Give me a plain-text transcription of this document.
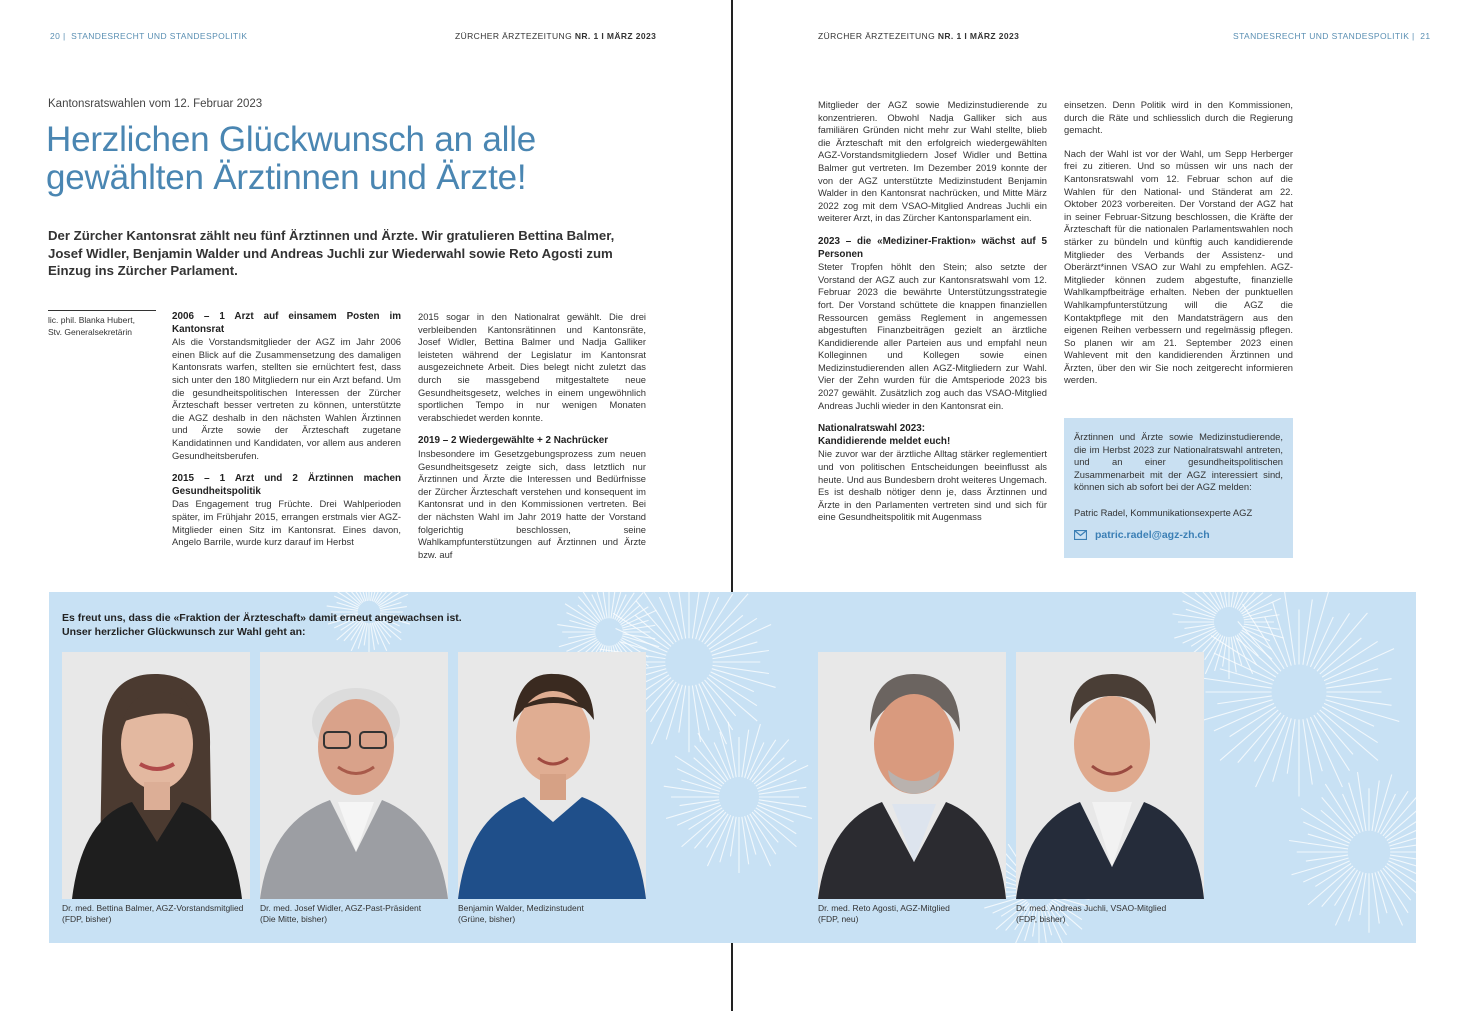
20 |  STANDESRECHT UND STANDESPOLITIK	ZÜRCHER ÄRZTEZEITUNG NR. 1 I MÄRZ 2023	ZÜRCHER ÄRZTEZEITUNG NR. 1 I MÄRZ 2023	STANDESRECHT UND STANDESPOLITIK |  21
Kantonsratswahlen vom 12. Februar 2023
Herzlichen Glückwunsch an alle
gewählten Ärztinnen und Ärzte!

Der Zürcher Kantonsrat zählt neu fünf Ärztinnen und Ärzte. Wir gratulieren Bettina Balmer, Josef Widler, Benjamin Walder und Andreas Juchli zur Wiederwahl sowie Reto Agosti zum Einzug ins Zürcher Parlament.

lic. phil. Blanka Hubert,
Stv. Generalsekretärin
2006 – 1 Arzt auf einsamem Posten im Kantonsrat

Als die Vorstandsmitglieder der AGZ im Jahr 2006 einen Blick auf die Zusammensetzung des damaligen Kantonsrats warfen, stellten sie ernüchtert fest, dass sich unter den 180 Mitgliedern nur ein Arzt befand. Um die gesundheitspolitischen Interessen der Zürcher Ärzteschaft besser vertreten zu können, unterstützte die AGZ deshalb in den nächsten Wahlen Ärztinnen und Ärzte sowie der Ärzteschaft zugetane Kandidatinnen und Kandidaten, vor allem aus anderen Gesundheitsberufen.

2015 – 1 Arzt und 2 Ärztinnen machen Gesundheitspolitik

Das Engagement trug Früchte. Drei Wahlperioden später, im Frühjahr 2015, errangen erstmals vier AGZ-Mitglieder einen Sitz im Kantonsrat. Eines davon, Angelo Barrile, wurde kurz darauf im Herbst

2015 sogar in den Nationalrat gewählt. Die drei verbleibenden Kantonsrätinnen und Kantonsräte, Josef Widler, Bettina Balmer und Nadja Galliker leisteten während der Legislatur im Kantonsrat ausgezeichnete Arbeit. Dies belegt nicht zuletzt das durch sie massgebend mitgestaltete neue Gesundheitsgesetz, welches in einem ungewöhnlich sportlichen Tempo in nur wenigen Monaten verabschiedet werden konnte.

2019 – 2 Wiedergewählte + 2 Nachrücker

Insbesondere im Gesetzgebungsprozess zum neuen Gesundheitsgesetz zeigte sich, dass letztlich nur Ärztinnen und Ärzte die Interessen und Bedürfnisse der Zürcher Ärzteschaft verstehen und konsequent im Kantonsrat und in den Kommissionen vertreten. Bei der nächsten Wahl im Jahr 2019 hatte der Vorstand folgerichtig beschlossen, seine Wahlkampfunterstützungen auf Ärztinnen und Ärzte bzw. auf

Mitglieder der AGZ sowie Medizinstudierende zu konzentrieren. Obwohl Nadja Galliker sich aus familiären Gründen nicht mehr zur Wahl stellte, blieb die Ärzteschaft mit den erfolgreich wiedergewählten AGZ-Vorstandsmitgliedern Josef Widler und Bettina Balmer gut vertreten. Im Dezember 2019 konnte der von der AGZ unterstützte Medizinstudent Benjamin Walder in den Kantonsrat nachrücken, und Mitte März 2022 zog mit dem VSAO-Mitglied Andreas Juchli ein weiterer Arzt, in das Zürcher Kantonsparlament ein.

2023 – die «Mediziner-Fraktion» wächst auf 5 Personen

Steter Tropfen höhlt den Stein; also setzte der Vorstand der AGZ auch zur Kantonsratswahl vom 12. Februar 2023 die bewährte Unterstützungsstrategie fort. Der Vorstand schüttete die knappen finanziellen Ressourcen gemäss Reglement in angemessen abgestuften Finanzbeiträgen gezielt an ärztliche Kandidierende aller Parteien aus und empfahl neun Kolleginnen und Kollegen sowie einen Medizinstudierenden allen AGZ-Mitgliedern zur Wahl. Vier der Zehn wurden für die Amtsperiode 2023 bis 2027 gewählt. Zusätzlich zog auch das VSAO-Mitglied Andreas Juchli wieder in den Kantonsrat ein.

Nationalratswahl 2023:
Kandidierende meldet euch!

Nie zuvor war der ärztliche Alltag stärker reglementiert und von politischen Entscheidungen beeinflusst als heute. Und aus Bundesbern droht weiteres Ungemach. Es ist deshalb nötiger denn je, dass Ärztinnen und Ärzte in den Parlamenten vertreten sind und sich für eine Gesundheitspolitik mit Augenmass

einsetzen. Denn Politik wird in den Kommissionen, durch die Räte und schliesslich durch die Regierung gemacht.

Nach der Wahl ist vor der Wahl, um Sepp Herberger frei zu zitieren. Und so müssen wir uns nach der Kantonsratswahl vom 12. Februar schon auf die Wahlen für den National- und Ständerat am 22. Oktober 2023 vorbereiten. Der Vorstand der AGZ hat in seiner Februar-Sitzung beschlossen, die Kräfte der Ärzteschaft für die nationalen Parlamentswahlen noch stärker zu bündeln und künftig auch kandidierende Mitglieder des Verbands der Assistenz- und Oberärzt*innen VSAO zur Wahl zu empfehlen. AGZ-Mitglieder können zudem abgestufte, finanzielle Wahlkampfbeiträge erhalten. Neben der punktuellen Wahlkampfunterstützung will die AGZ die Kontaktpflege mit den Mandatsträgern aus den eigenen Reihen verbessern und regelmässig pflegen. So planen wir am 21. September 2023 einen Wahlevent mit den kandidierenden Ärztinnen und Ärzten, über den wir Sie noch zeitgerecht informieren werden.

Ärztinnen und Ärzte sowie Medizinstudierende, die im Herbst 2023 zur Nationalratswahl antreten, und an einer gesundheitspolitischen Zusammenarbeit mit der AGZ interessiert sind, können sich ab sofort bei der AGZ melden:
Patric Radel, Kommunikationsexperte AGZ
patric.radel@agz-zh.ch
Es freut uns, dass die «Fraktion der Ärzteschaft» damit erneut angewachsen ist.
Unser herzlicher Glückwunsch zur Wahl geht an:
Dr. med. Bettina Balmer, AGZ-Vorstandsmitglied
(FDP, bisher)
Dr. med. Josef Widler, AGZ-Past-Präsident
(Die Mitte, bisher)
Benjamin Walder, Medizinstudent
(Grüne, bisher)
Dr. med. Reto Agosti, AGZ-Mitglied
(FDP, neu)
Dr. med. Andreas Juchli, VSAO-Mitglied
(FDP, bisher)
